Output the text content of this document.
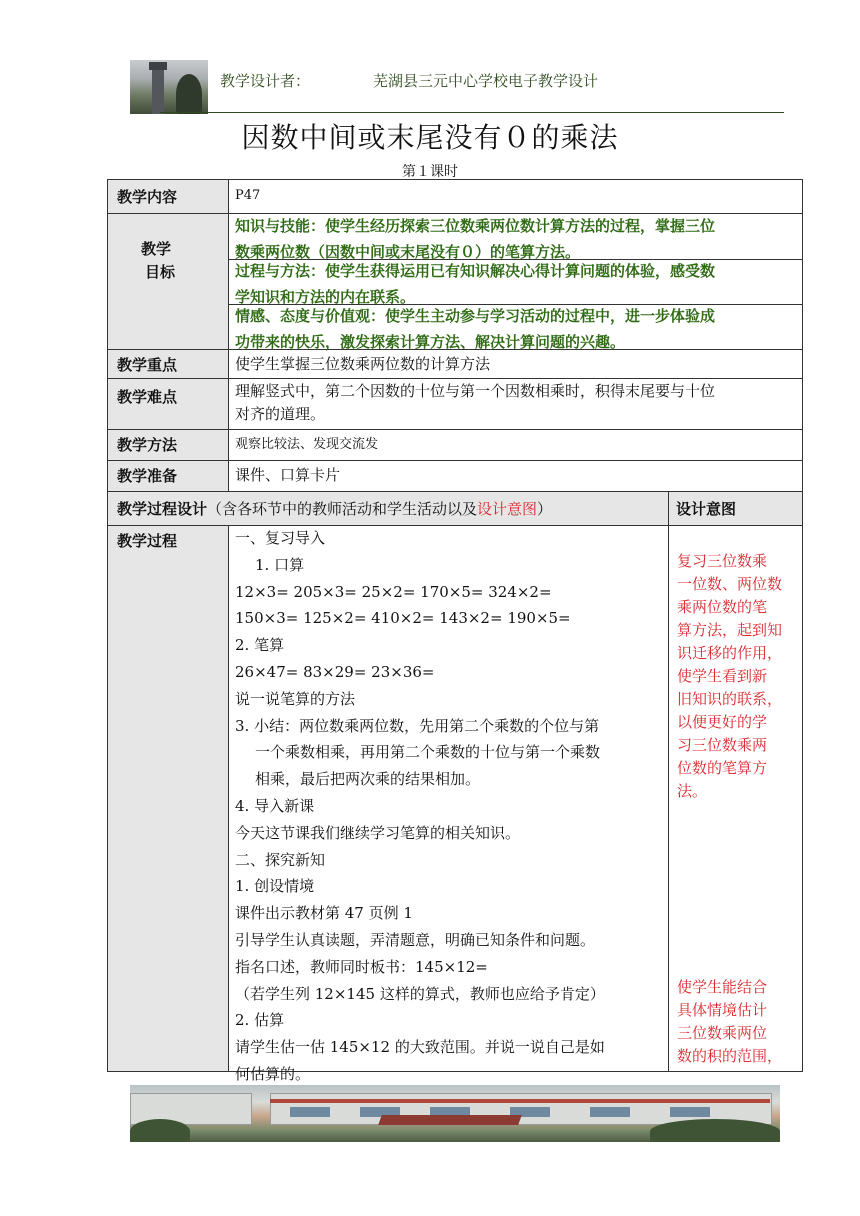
教学设计者：	芜湖县三元中心学校电子教学设计
因数中间或末尾没有０的乘法
第１课时
教学内容
教学
目标
教学重点
教学难点
教学方法
教学准备
教学过程设计（含各环节中的教师活动和学生活动以及设计意图）	设计意图
教学过程
P47
知识与技能：使学生经历探索三位数乘两位数计算方法的过程，掌握三位
数乘两位数（因数中间或末尾没有０）的笔算方法。
过程与方法：使学生获得运用已有知识解决心得计算问题的体验，感受数
学知识和方法的内在联系。
情感、态度与价值观：使学生主动参与学习活动的过程中，进一步体验成
功带来的快乐，激发探索计算方法、解决计算问题的兴趣。
使学生掌握三位数乘两位数的计算方法
理解竖式中，第二个因数的十位与第一个因数相乘时，积得末尾要与十位
对齐的道理。
观察比较法、发现交流发
课件、口算卡片
一、复习导入
1. 口算
12×3= 205×3= 25×2= 170×5= 324×2=
150×3= 125×2= 410×2= 143×2= 190×5=
2. 笔算
26×47= 83×29= 23×36=
说一说笔算的方法
3. 小结：两位数乘两位数，先用第二个乘数的个位与第
一个乘数相乘，再用第二个乘数的十位与第一个乘数
相乘，最后把两次乘的结果相加。
4. 导入新课
今天这节课我们继续学习笔算的相关知识。
二、探究新知
1. 创设情境
课件出示教材第 47 页例 1
引导学生认真读题，弄清题意，明确已知条件和问题。
指名口述，教师同时板书：145×12=
（若学生列 12×145 这样的算式，教师也应给予肯定）
2. 估算
请学生估一估 145×12 的大致范围。并说一说自己是如
何估算的。
复习三位数乘
一位数、两位数
乘两位数的笔
算方法，起到知
识迁移的作用，
使学生看到新
旧知识的联系，
以便更好的学
习三位数乘两
位数的笔算方
法。
使学生能结合
具体情境估计
三位数乘两位
数的积的范围，
